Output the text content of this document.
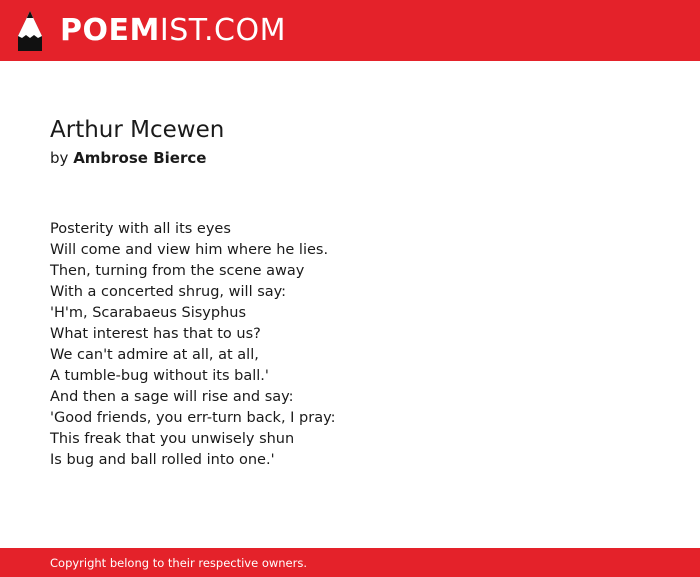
POEMIST.COM
Arthur Mcewen
by Ambrose Bierce
Posterity with all its eyes
Will come and view him where he lies.
Then, turning from the scene away
With a concerted shrug, will say:
'H'm, Scarabaeus Sisyphus
What interest has that to us?
We can't admire at all, at all,
A tumble-bug without its ball.'
And then a sage will rise and say:
'Good friends, you err-turn back, I pray:
This freak that you unwisely shun
Is bug and ball rolled into one.'
Copyright belong to their respective owners.
